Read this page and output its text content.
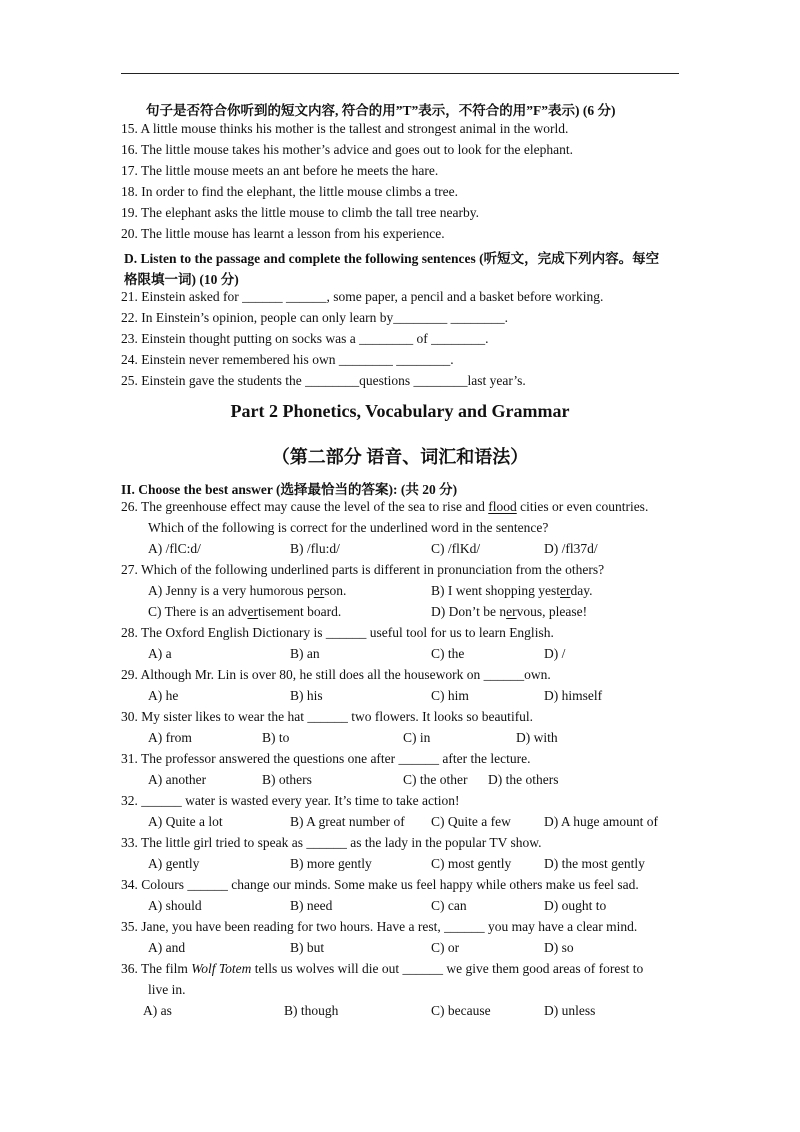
句子是否符合你听到的短文内容, 符合的用”T”表示，不符合的用”F”表示) (6 分)
15. A little mouse thinks his mother is the tallest and strongest animal in the world.
16. The little mouse takes his mother’s advice and goes out to look for the elephant.
17. The little mouse meets an ant before he meets the hare.
18. In order to find the elephant, the little mouse climbs a tree.
19. The elephant asks the little mouse to climb the tall tree nearby.
20. The little mouse has learnt a lesson from his experience.
D. Listen to the passage and complete the following sentences (听短文，完成下列内容。每空
格限填一词) (10 分)
21. Einstein asked for ______ ______, some paper, a pencil and a basket before working.
22. In Einstein’s opinion, people can only learn by________ ________.
23. Einstein thought putting on socks was a ________ of ________.
24. Einstein never remembered his own ________ ________.
25. Einstein gave the students the ________questions ________last year’s.
Part 2 Phonetics, Vocabulary and Grammar
（第二部分 语音、词汇和语法）
II. Choose the best answer (选择最恰当的答案): (共 20 分)
26. The greenhouse effect may cause the level of the sea to rise and flood cities or even countries.
Which of the following is correct for the underlined word in the sentence?
A) /flC:d/	B) /flu:d/	C) /flKd/	D) /fl37d/
27. Which of the following underlined parts is different in pronunciation from the others?
A) Jenny is a very humorous person.	B) I went shopping yesterday.
C) There is an advertisement board.	D) Don’t be nervous, please!
28. The Oxford English Dictionary is ______ useful tool for us to learn English.
A) a	B) an	C) the	D) /
29. Although Mr. Lin is over 80, he still does all the housework on ______own.
A) he	B) his	C) him	D) himself
30. My sister likes to wear the hat ______ two flowers. It looks so beautiful.
A) from	B) to	C) in	D) with
31. The professor answered the questions one after ______ after the lecture.
A) another	B) others	C) the other D) the others
32. ______ water is wasted every year. It’s time to take action!
A) Quite a lot	B) A great number of C) Quite a few D) A huge amount of
33. The little girl tried to speak as ______ as the lady in the popular TV show.
A) gently	B) more gently	C) most gently D) the most gently
34. Colours ______ change our minds. Some make us feel happy while others make us feel sad.
A) should	B) need	C) can	D) ought to
35. Jane, you have been reading for two hours. Have a rest, ______ you may have a clear mind.
A) and	B) but	C) or	D) so
36. The film Wolf Totem tells us wolves will die out ______ we give them good areas of forest to
live in.
A) as	B) though	C) because	D) unless
